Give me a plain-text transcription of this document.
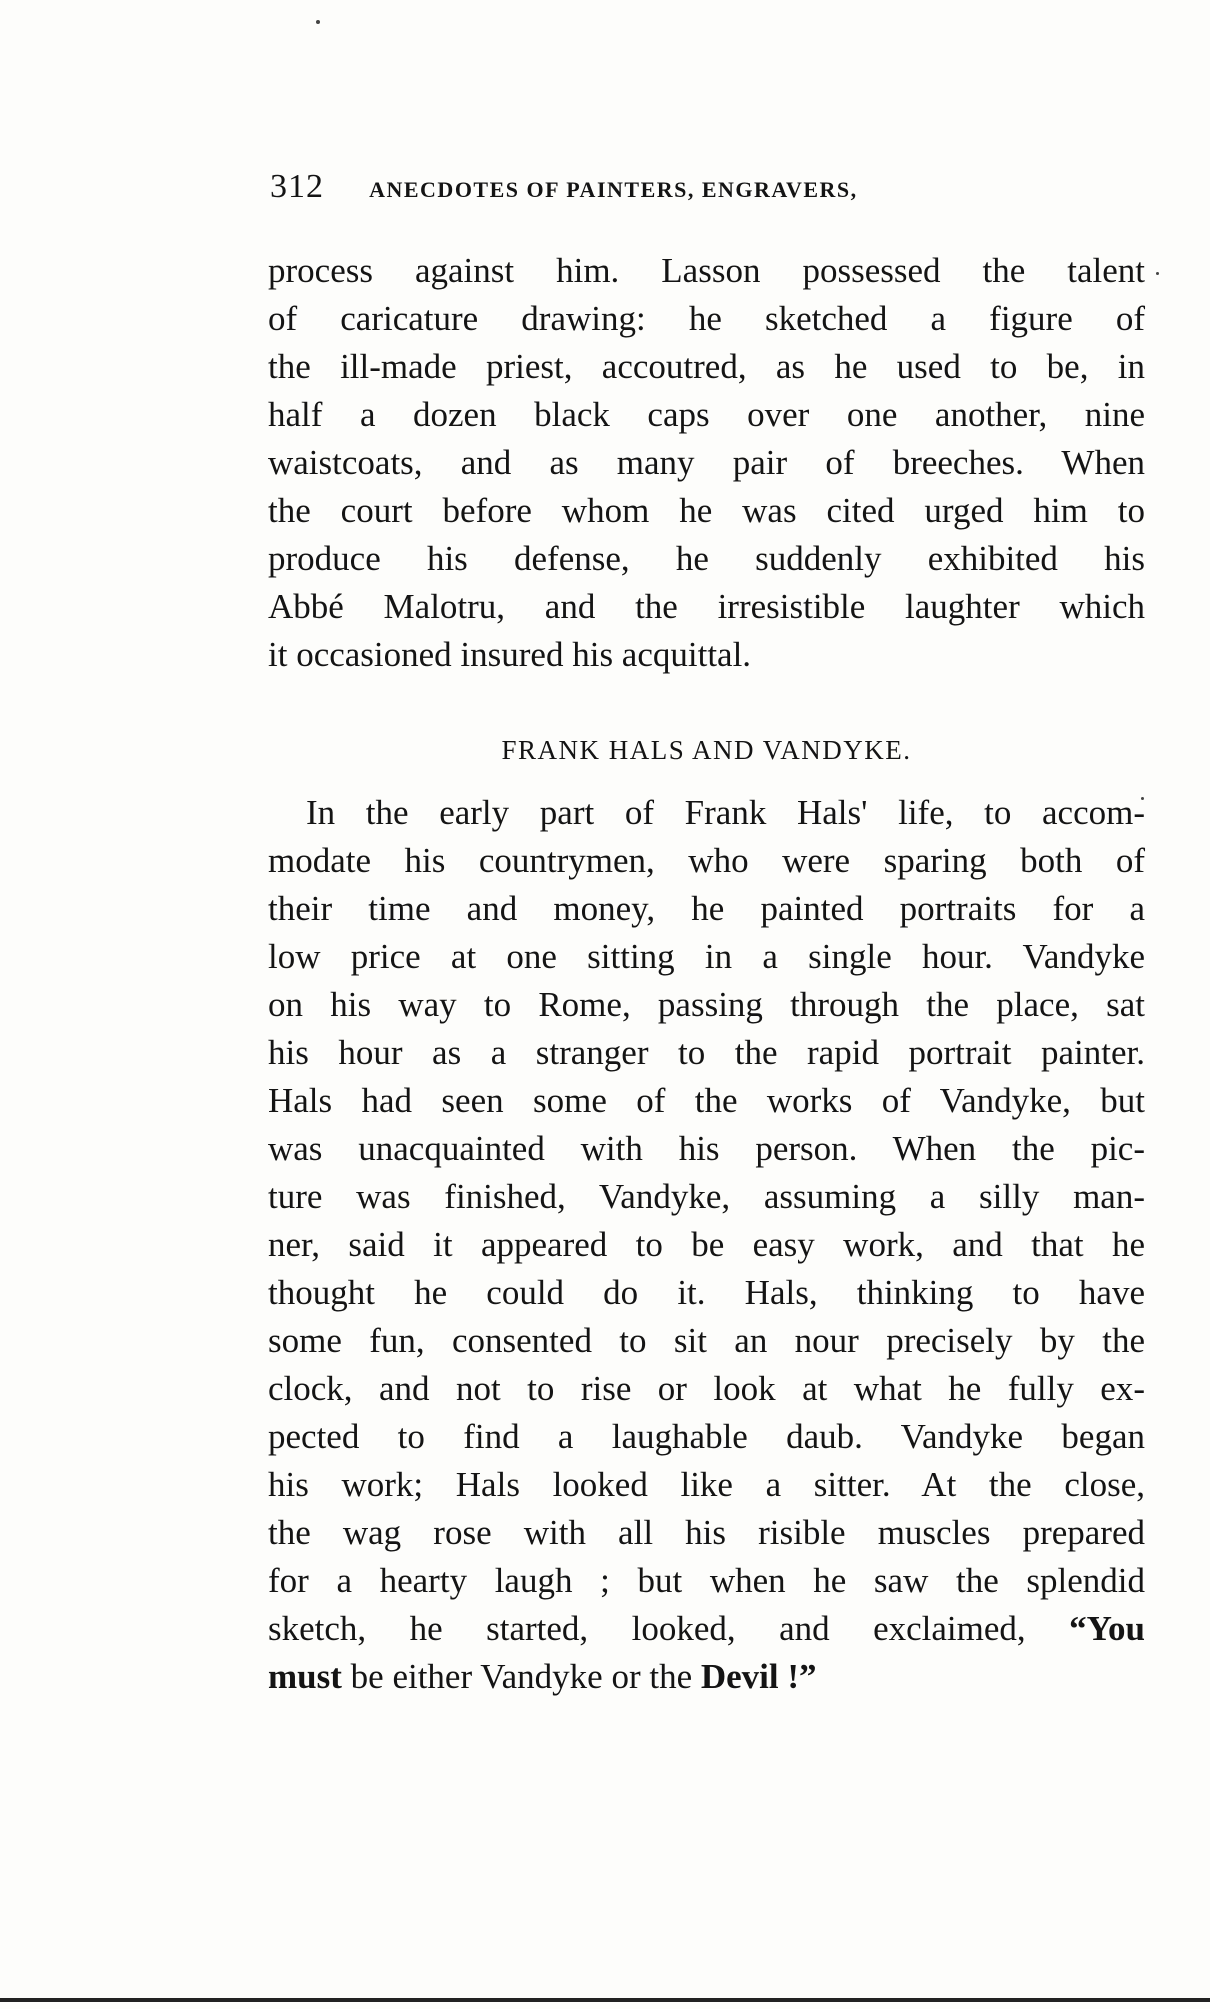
312 ANECDOTES OF PAINTERS, ENGRAVERS,
process against him. Lasson possessed the talent
of caricature drawing: he sketched a figure of
the ill-made priest, accoutred, as he used to be, in
half a dozen black caps over one another, nine
waistcoats, and as many pair of breeches. When
the court before whom he was cited urged him to
produce his defense, he suddenly exhibited his
Abbé Malotru, and the irresistible laughter which
it occasioned insured his acquittal.
FRANK HALS AND VANDYKE.
In the early part of Frank Hals' life, to accom-
modate his countrymen, who were sparing both of
their time and money, he painted portraits for a
low price at one sitting in a single hour. Vandyke
on his way to Rome, passing through the place, sat
his hour as a stranger to the rapid portrait painter.
Hals had seen some of the works of Vandyke, but
was unacquainted with his person. When the pic-
ture was finished, Vandyke, assuming a silly man-
ner, said it appeared to be easy work, and that he
thought he could do it. Hals, thinking to have
some fun, consented to sit an nour precisely by the
clock, and not to rise or look at what he fully ex-
pected to find a laughable daub. Vandyke began
his work; Hals looked like a sitter. At the close,
the wag rose with all his risible muscles prepared
for a hearty laugh ; but when he saw the splendid
sketch, he started, looked, and exclaimed, “You
must be either Vandyke or the Devil !”
